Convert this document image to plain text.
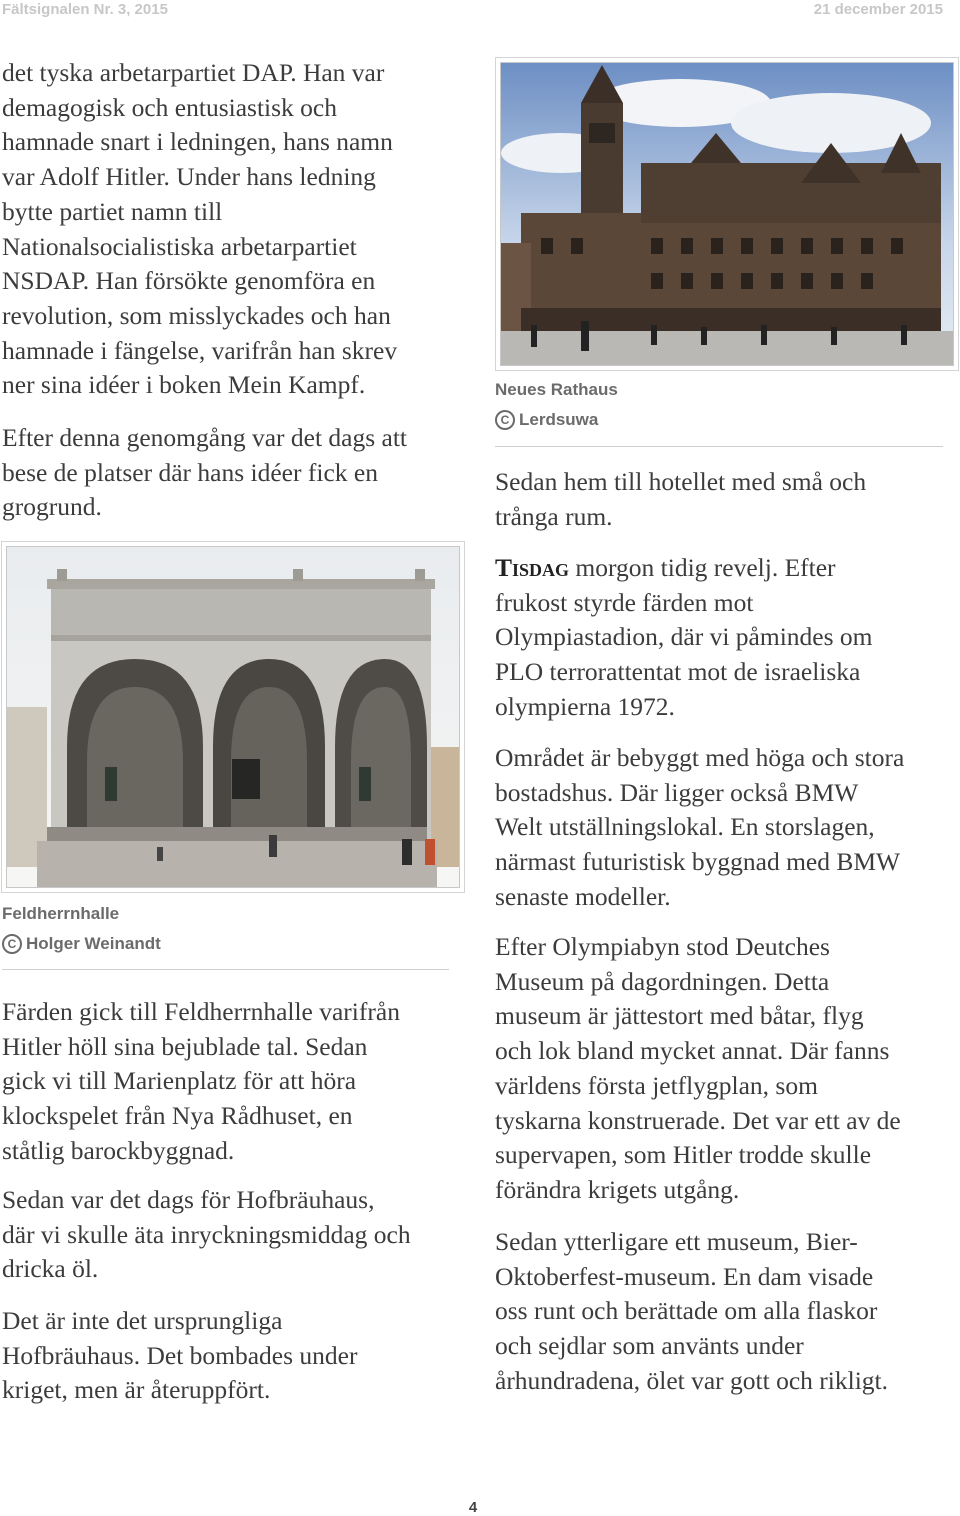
Fältsignalen Nr. 3, 2015	21 december 2015

det tyska arbetarpartiet DAP. Han var
demagogisk och entusiastisk och
hamnade snart i ledningen, hans namn
var Adolf Hitler. Under hans ledning
bytte partiet namn till
Nationalsocialistiska arbetarpartiet
NSDAP. Han försökte genomföra en
revolution, som misslyckades och han
hamnade i fängelse, varifrån han skrev
ner sina idéer i boken Mein Kampf.

Efter denna genomgång var det dags att
bese de platser där hans idéer fick en
grogrund.

Feldherrnhalle
C Holger Weinandt

Färden gick till Feldherrnhalle varifrån
Hitler höll sina bejublade tal. Sedan
gick vi till Marienplatz för att höra
klockspelet från Nya Rådhuset, en
ståtlig barockbyggnad.

Sedan var det dags för Hofbräuhaus,
där vi skulle äta inryckningsmiddag och
dricka öl.

Det är inte det ursprungliga
Hofbräuhaus. Det bombades under
kriget, men är återuppfört.

Neues Rathaus
C Lerdsuwa

Sedan hem till hotellet med små och
trånga rum.

Tisdag morgon tidig revelj. Efter
frukost styrde färden mot
Olympiastadion, där vi påmindes om
PLO terrorattentat mot de israeliska
olympierna 1972.

Området är bebyggt med höga och stora
bostadshus. Där ligger också BMW
Welt utställningslokal. En storslagen,
närmast futuristisk byggnad med BMW
senaste modeller.

Efter Olympiabyn stod Deutches
Museum på dagordningen. Detta
museum är jättestort med båtar, flyg
och lok bland mycket annat. Där fanns
världens första jetflygplan, som
tyskarna konstruerade. Det var ett av de
supervapen, som Hitler trodde skulle
förändra krigets utgång.

Sedan ytterligare ett museum, Bier-
Oktoberfest-museum. En dam visade
oss runt och berättade om alla flaskor
och sejdlar som använts under
århundradena, ölet var gott och rikligt.

4
